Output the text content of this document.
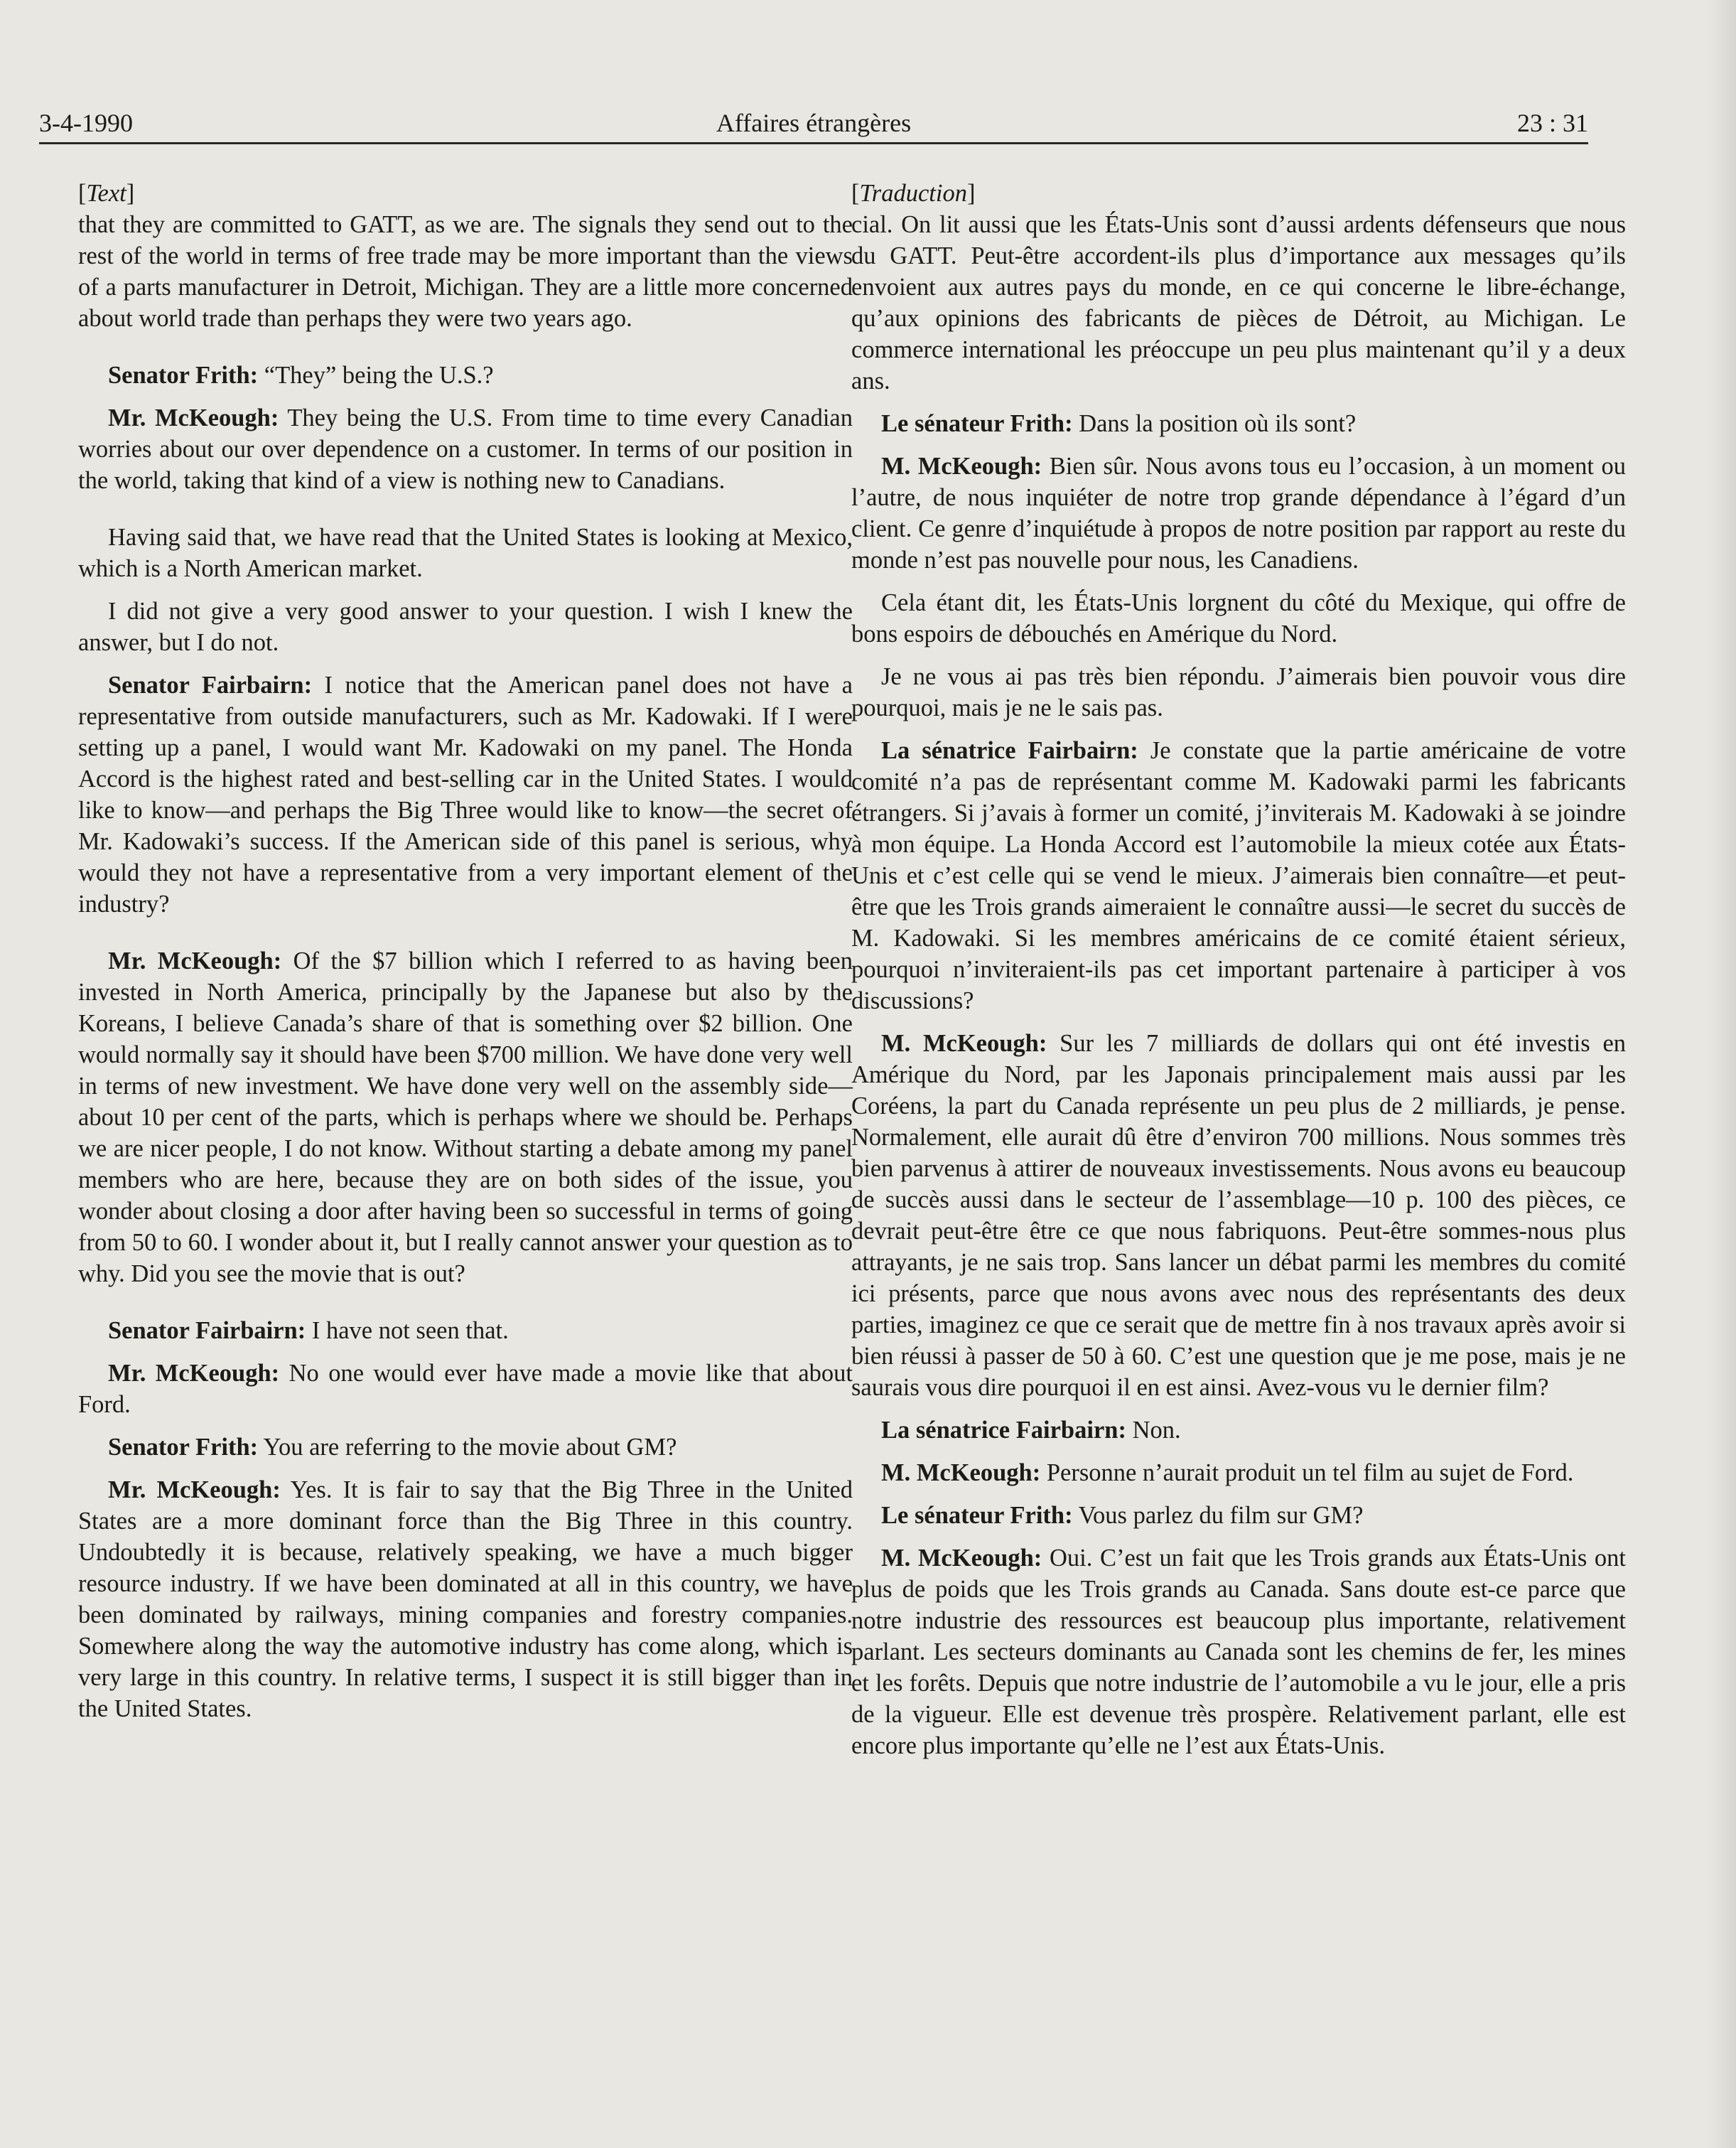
3-4-1990	Affaires étrangères	23 : 31

[Text]

that they are committed to GATT, as we are. The signals they send out to the rest of the world in terms of free trade may be more important than the views of a parts manufacturer in Detroit, Michigan. They are a little more concerned about world trade than perhaps they were two years ago.

Senator Frith: “They” being the U.S.?

Mr. McKeough: They being the U.S. From time to time every Canadian worries about our over dependence on a customer. In terms of our position in the world, taking that kind of a view is nothing new to Canadians.

Having said that, we have read that the United States is looking at Mexico, which is a North American market.

I did not give a very good answer to your question. I wish I knew the answer, but I do not.

Senator Fairbairn: I notice that the American panel does not have a representative from outside manufacturers, such as Mr. Kadowaki. If I were setting up a panel, I would want Mr. Kadowaki on my panel. The Honda Accord is the highest rated and best-selling car in the United States. I would like to know—and perhaps the Big Three would like to know—the secret of Mr. Kadowaki’s success. If the American side of this panel is serious, why would they not have a representative from a very important element of the industry?

Mr. McKeough: Of the $7 billion which I referred to as having been invested in North America, principally by the Japanese but also by the Koreans, I believe Canada’s share of that is something over $2 billion. One would normally say it should have been $700 million. We have done very well in terms of new investment. We have done very well on the assembly side—about 10 per cent of the parts, which is perhaps where we should be. Perhaps we are nicer people, I do not know. Without starting a debate among my panel members who are here, because they are on both sides of the issue, you wonder about closing a door after having been so successful in terms of going from 50 to 60. I wonder about it, but I really cannot answer your question as to why. Did you see the movie that is out?

Senator Fairbairn: I have not seen that.

Mr. McKeough: No one would ever have made a movie like that about Ford.

Senator Frith: You are referring to the movie about GM?

Mr. McKeough: Yes. It is fair to say that the Big Three in the United States are a more dominant force than the Big Three in this country. Undoubtedly it is because, relatively speaking, we have a much bigger resource industry. If we have been dominated at all in this country, we have been dominated by railways, mining companies and forestry companies. Somewhere along the way the automotive industry has come along, which is very large in this country. In relative terms, I suspect it is still bigger than in the United States.

[Traduction]

cial. On lit aussi que les États-Unis sont d’aussi ardents défenseurs que nous du GATT. Peut-être accordent-ils plus d’importance aux messages qu’ils envoient aux autres pays du monde, en ce qui concerne le libre-échange, qu’aux opinions des fabricants de pièces de Détroit, au Michigan. Le commerce international les préoccupe un peu plus maintenant qu’il y a deux ans.

Le sénateur Frith: Dans la position où ils sont?

M. McKeough: Bien sûr. Nous avons tous eu l’occasion, à un moment ou l’autre, de nous inquiéter de notre trop grande dépendance à l’égard d’un client. Ce genre d’inquiétude à propos de notre position par rapport au reste du monde n’est pas nouvelle pour nous, les Canadiens.

Cela étant dit, les États-Unis lorgnent du côté du Mexique, qui offre de bons espoirs de débouchés en Amérique du Nord.

Je ne vous ai pas très bien répondu. J’aimerais bien pouvoir vous dire pourquoi, mais je ne le sais pas.

La sénatrice Fairbairn: Je constate que la partie américaine de votre comité n’a pas de représentant comme M. Kadowaki parmi les fabricants étrangers. Si j’avais à former un comité, j’inviterais M. Kadowaki à se joindre à mon équipe. La Honda Accord est l’automobile la mieux cotée aux États-Unis et c’est celle qui se vend le mieux. J’aimerais bien connaître—et peut-être que les Trois grands aimeraient le connaître aussi—le secret du succès de M. Kadowaki. Si les membres américains de ce comité étaient sérieux, pourquoi n’inviteraient-ils pas cet important partenaire à participer à vos discussions?

M. McKeough: Sur les 7 milliards de dollars qui ont été investis en Amérique du Nord, par les Japonais principalement mais aussi par les Coréens, la part du Canada représente un peu plus de 2 milliards, je pense. Normalement, elle aurait dû être d’environ 700 millions. Nous sommes très bien parvenus à attirer de nouveaux investissements. Nous avons eu beaucoup de succès aussi dans le secteur de l’assemblage—10 p. 100 des pièces, ce devrait peut-être être ce que nous fabriquons. Peut-être sommes-nous plus attrayants, je ne sais trop. Sans lancer un débat parmi les membres du comité ici présents, parce que nous avons avec nous des représentants des deux parties, imaginez ce que ce serait que de mettre fin à nos travaux après avoir si bien réussi à passer de 50 à 60. C’est une question que je me pose, mais je ne saurais vous dire pourquoi il en est ainsi. Avez-vous vu le dernier film?

La sénatrice Fairbairn: Non.

M. McKeough: Personne n’aurait produit un tel film au sujet de Ford.

Le sénateur Frith: Vous parlez du film sur GM?

M. McKeough: Oui. C’est un fait que les Trois grands aux États-Unis ont plus de poids que les Trois grands au Canada. Sans doute est-ce parce que notre industrie des ressources est beaucoup plus importante, relativement parlant. Les secteurs dominants au Canada sont les chemins de fer, les mines et les forêts. Depuis que notre industrie de l’automobile a vu le jour, elle a pris de la vigueur. Elle est devenue très prospère. Relativement parlant, elle est encore plus importante qu’elle ne l’est aux États-Unis.
